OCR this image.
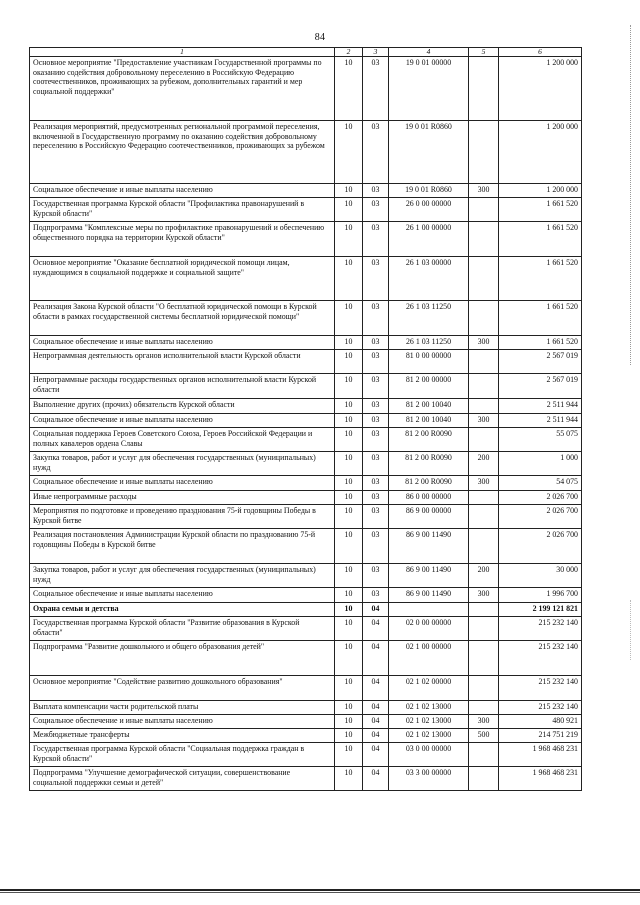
84
1	2	3	4	5	6
Основное мероприятие "Предоставление участникам Государственной программы по оказанию содействия добровольному переселению в Российскую Федерацию соотечественников, проживающих за рубежом, дополнительных гарантий и мер социальной поддержки"	10	03	19 0 01 00000		1 200 000
Реализация мероприятий, предусмотренных региональной программой переселения, включенной в Государственную программу по оказанию содействия добровольному переселению в Российскую Федерацию соотечественников, проживающих за рубежом	10	03	19 0 01 R0860		1 200 000
Социальное обеспечение и иные выплаты населению	10	03	19 0 01 R0860	300	1 200 000
Государственная программа Курской области "Профилактика правонарушений в Курской области"	10	03	26 0 00 00000		1 661 520
Подпрограмма "Комплексные меры по профилактике правонарушений и обеспечению общественного порядка на территории Курской области"	10	03	26 1 00 00000		1 661 520
Основное мероприятие "Оказание бесплатной юридической помощи лицам, нуждающимся в социальной поддержке и социальной защите"	10	03	26 1 03 00000		1 661 520
Реализация Закона Курской области "О бесплатной юридической помощи в Курской области в рамках государственной системы бесплатной юридической помощи"	10	03	26 1 03 11250		1 661 520
Социальное обеспечение и иные выплаты населению	10	03	26 1 03 11250	300	1 661 520
Непрограммная деятельность органов исполнительной власти Курской области	10	03	81 0 00 00000		2 567 019
Непрограммные расходы государственных органов исполнительной власти Курской области	10	03	81 2 00 00000		2 567 019
Выполнение других (прочих) обязательств Курской области	10	03	81 2 00 10040		2 511 944
Социальное обеспечение и иные выплаты населению	10	03	81 2 00 10040	300	2 511 944
Социальная поддержка Героев Советского Союза, Героев Российской Федерации и полных кавалеров ордена Славы	10	03	81 2 00 R0090		55 075
Закупка товаров, работ и услуг для обеспечения государственных (муниципальных) нужд	10	03	81 2 00 R0090	200	1 000
Социальное обеспечение и иные выплаты населению	10	03	81 2 00 R0090	300	54 075
Иные непрограммные расходы	10	03	86 0 00 00000		2 026 700
Мероприятия по подготовке и проведению празднования 75-й годовщины Победы в Курской битве	10	03	86 9 00 00000		2 026 700
Реализация постановления Администрации Курской области по празднованию 75-й годовщины Победы в Курской битве	10	03	86 9 00 11490		2 026 700
Закупка товаров, работ и услуг для обеспечения государственных (муниципальных) нужд	10	03	86 9 00 11490	200	30 000
Социальное обеспечение и иные выплаты населению	10	03	86 9 00 11490	300	1 996 700
Охрана семьи и детства	10	04			2 199 121 821
Государственная программа Курской области "Развитие образования в Курской области"	10	04	02 0 00 00000		215 232 140
Подпрограмма "Развитие дошкольного и общего образования детей"	10	04	02 1 00 00000		215 232 140
Основное мероприятие "Содействие развитию дошкольного образования"	10	04	02 1 02 00000		215 232 140
Выплата компенсации части родительской платы	10	04	02 1 02 13000		215 232 140
Социальное обеспечение и иные выплаты населению	10	04	02 1 02 13000	300	480 921
Межбюджетные трансферты	10	04	02 1 02 13000	500	214 751 219
Государственная программа Курской области "Социальная поддержка граждан в Курской области"	10	04	03 0 00 00000		1 968 468 231
Подпрограмма "Улучшение демографической ситуации, совершенствование социальной поддержки семьи и детей"	10	04	03 3 00 00000		1 968 468 231
